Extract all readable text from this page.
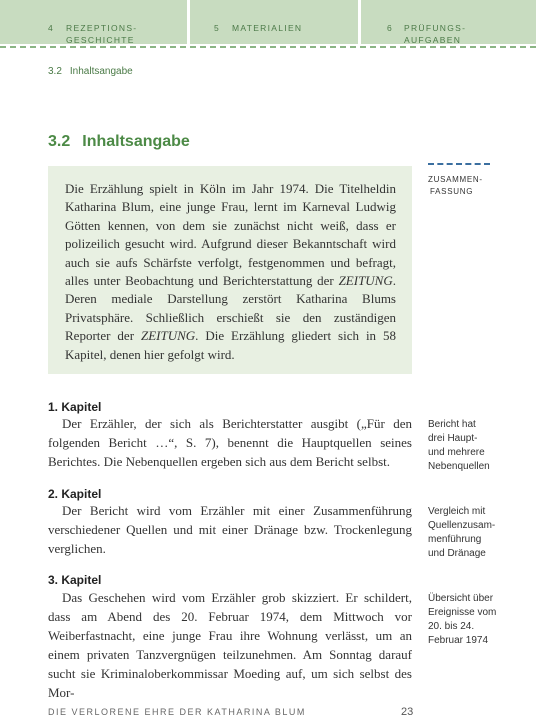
4 REZEPTIONS-
GESCHICHTE
5 MATERIALIEN	6 PRÜFUNGS-
AUFGABEN
3.2 Inhaltsangabe
3.2 Inhaltsangabe
ZUSAMMEN-
FASSUNG
Die Erzählung spielt in Köln im Jahr 1974. Die Titelheldin Katharina Blum, eine junge Frau, lernt im Karneval Ludwig Götten kennen, von dem sie zunächst nicht weiß, dass er polizeilich gesucht wird. Aufgrund dieser Bekanntschaft wird auch sie aufs Schärfste verfolgt, festgenommen und befragt, alles unter Beobachtung und Berichterstattung der ZEITUNG. Deren mediale Darstellung zerstört Katharina Blums Privatsphäre. Schließlich erschießt sie den zuständigen Reporter der ZEITUNG. Die Erzählung gliedert sich in 58 Kapitel, denen hier gefolgt wird.
1. Kapitel
Der Erzähler, der sich als Berichterstatter ausgibt („Für den folgenden Bericht …“, S. 7), benennt die Hauptquellen seines Berichtes. Die Nebenquellen ergeben sich aus dem Bericht selbst.
Bericht hat
drei Haupt-
und mehrere
Nebenquellen
2. Kapitel
Der Bericht wird vom Erzähler mit einer Zusammenführung verschiedener Quellen und mit einer Dränage bzw. Trockenlegung verglichen.
Vergleich mit
Quellenzusam-
menführung
und Dränage
3. Kapitel
Das Geschehen wird vom Erzähler grob skizziert. Er schildert, dass am Abend des 20. Februar 1974, dem Mittwoch vor Weiberfastnacht, eine junge Frau ihre Wohnung verlässt, um an einem privaten Tanzvergnügen teilzunehmen. Am Sonntag darauf sucht sie Kriminaloberkommissar Moeding auf, um sich selbst des Mor-
Übersicht über
Ereignisse vom
20. bis 24.
Februar 1974
DIE VERLORENE EHRE DER KATHARINA BLUM	23
